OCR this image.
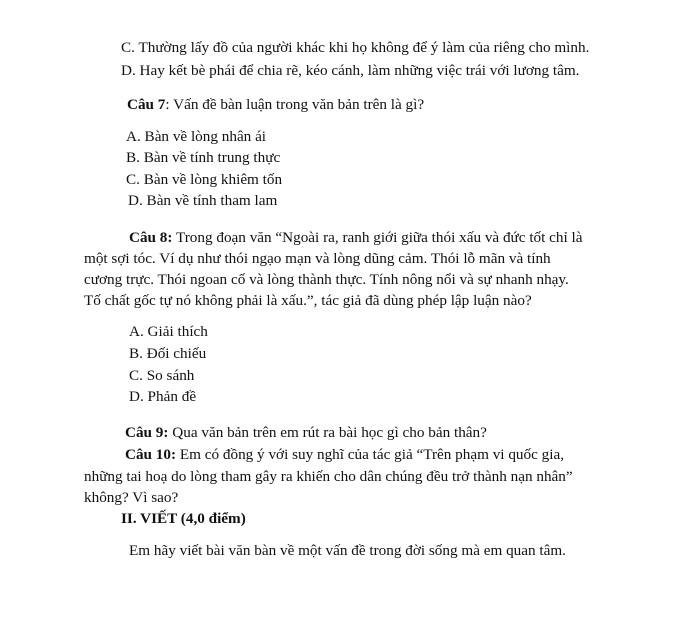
C. Thường lấy đồ của người khác khi họ không để ý làm của riêng cho mình.
D. Hay kết bè phái để chia rẽ, kéo cánh, làm những việc trái với lương tâm.
Câu 7: Vấn đề bàn luận trong văn bản trên là gì?
A. Bàn về lòng nhân ái
B. Bàn về tính trung thực
C. Bàn về lòng khiêm tốn
D. Bàn về tính tham lam
Câu 8: Trong đoạn văn “Ngoài ra, ranh giới giữa thói xấu và đức tốt chỉ là
một sợi tóc. Ví dụ như thói ngạo mạn và lòng dũng cảm. Thói lỗ mãn và tính
cương trực. Thói ngoan cố và lòng thành thực. Tính nông nổi và sự nhanh nhạy.
Tố chất gốc tự nó không phải là xấu.”, tác giả đã dùng phép lập luận nào?
A. Giải thích
B. Đối chiếu
C. So sánh
D. Phản đề
Câu 9: Qua văn bản trên em rút ra bài học gì cho bản thân?
Câu 10: Em có đồng ý với suy nghĩ của tác giả “Trên phạm vi quốc gia,
những tai hoạ do lòng tham gây ra khiến cho dân chúng đều trở thành nạn nhân”
không? Vì sao?
II. VIẾT (4,0 điểm)
Em hãy viết bài văn bàn về một vấn đề trong đời sống mà em quan tâm.
